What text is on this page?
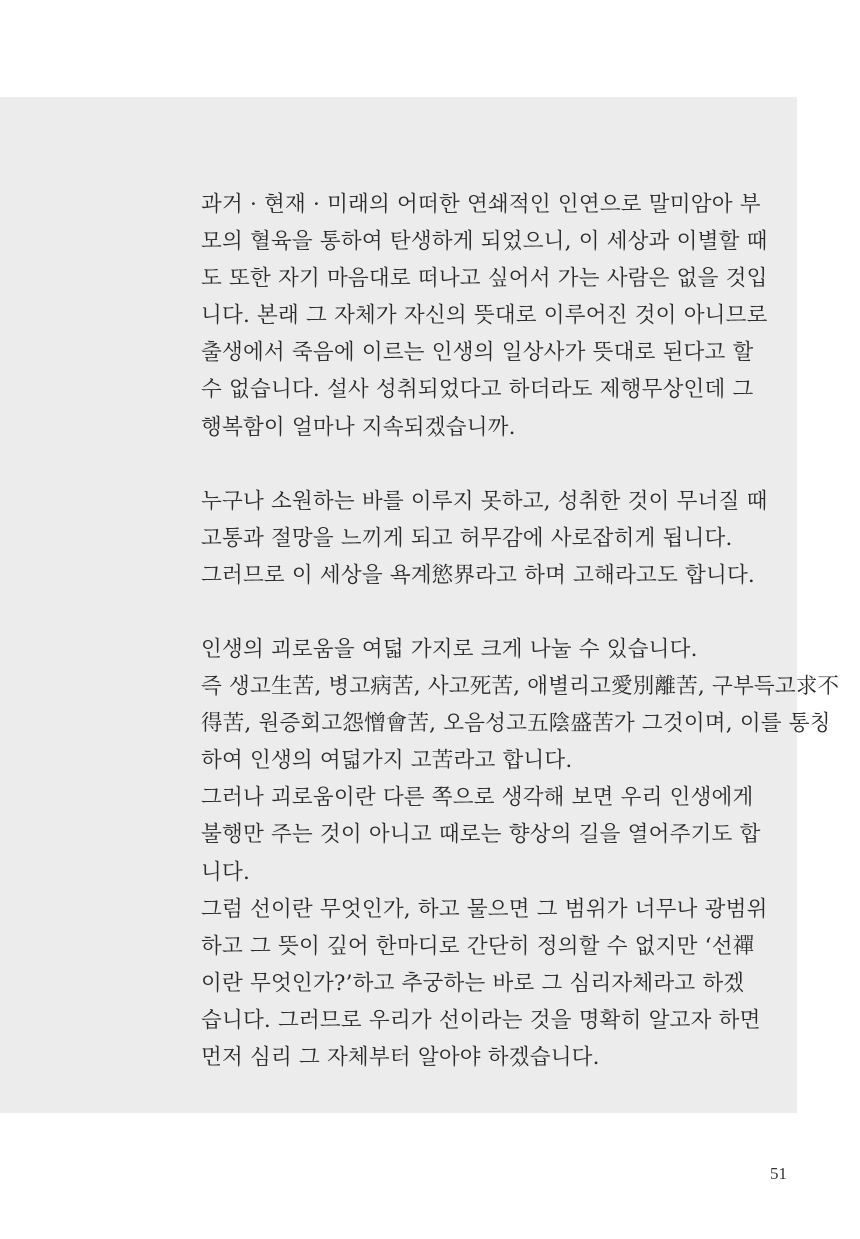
과거 · 현재 · 미래의 어떠한 연쇄적인 인연으로 말미암아 부
모의 혈육을 통하여 탄생하게 되었으니, 이 세상과 이별할 때
도 또한 자기 마음대로 떠나고 싶어서 가는 사람은 없을 것입
니다. 본래 그 자체가 자신의 뜻대로 이루어진 것이 아니므로
출생에서 죽음에 이르는 인생의 일상사가 뜻대로 된다고 할
수 없습니다. 설사 성취되었다고 하더라도 제행무상인데 그
행복함이 얼마나 지속되겠습니까.
누구나 소원하는 바를 이루지 못하고, 성취한 것이 무너질 때
고통과 절망을 느끼게 되고 허무감에 사로잡히게 됩니다.
그러므로 이 세상을 욕계慾界라고 하며 고해라고도 합니다.
인생의 괴로움을 여덟 가지로 크게 나눌 수 있습니다.
즉 생고生苦, 병고病苦, 사고死苦, 애별리고愛別離苦, 구부득고求不
得苦, 원증회고怨憎會苦, 오음성고五陰盛苦가 그것이며, 이를 통칭
하여 인생의 여덟가지 고苦라고 합니다.
그러나 괴로움이란 다른 쪽으로 생각해 보면 우리 인생에게
불행만 주는 것이 아니고 때로는 향상의 길을 열어주기도 합
니다.
그럼 선이란 무엇인가, 하고 물으면 그 범위가 너무나 광범위
하고 그 뜻이 깊어 한마디로 간단히 정의할 수 없지만 ‘선禪
이란 무엇인가?’하고 추궁하는 바로 그 심리자체라고 하겠
습니다. 그러므로 우리가 선이라는 것을 명확히 알고자 하면
먼저 심리 그 자체부터 알아야 하겠습니다.
51
